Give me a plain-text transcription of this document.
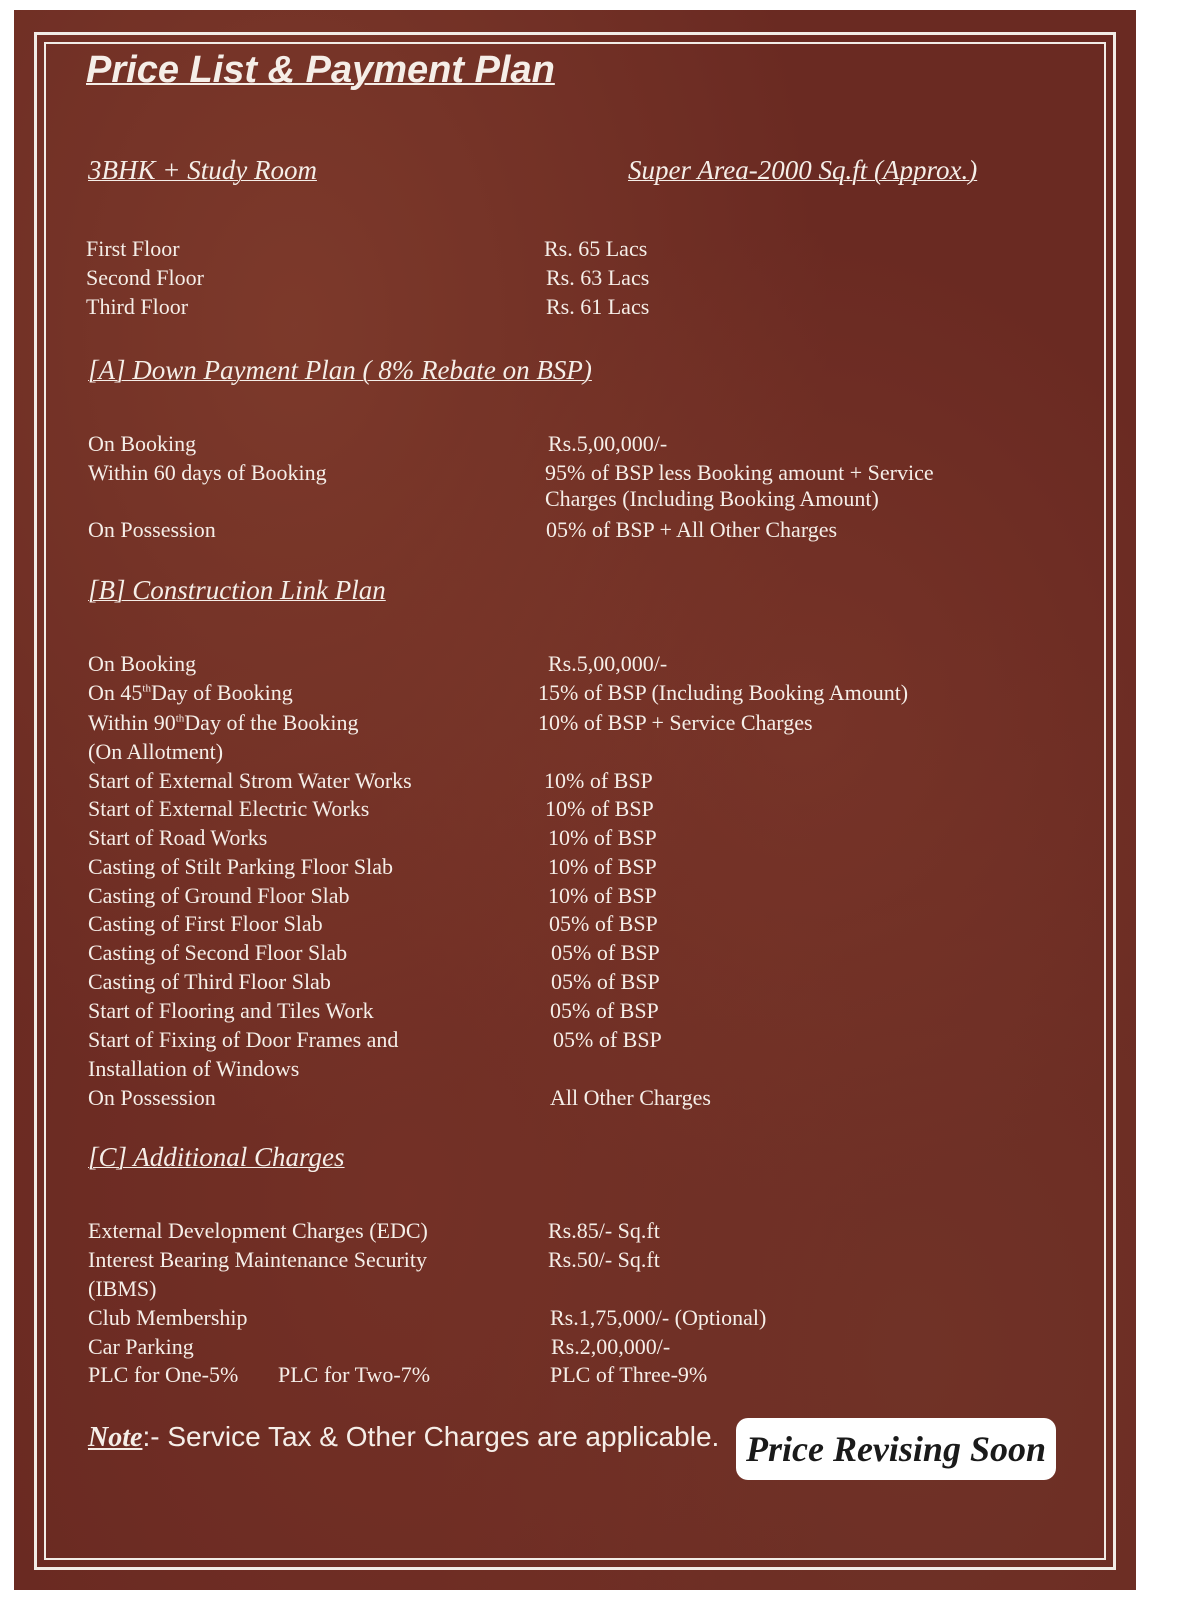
Price List & Payment Plan
3BHK + Study Room	Super Area-2000 Sq.ft (Approx.)
First Floor	Rs. 65 Lacs
Second Floor	Rs. 63 Lacs
Third Floor	Rs. 61 Lacs
[A] Down Payment Plan ( 8% Rebate on BSP)
On Booking	Rs.5,00,000/-
Within 60 days of Booking	95% of BSP less Booking amount + Service Charges (Including Booking Amount)
On Possession	05% of BSP + All Other Charges
[B] Construction Link Plan
On Booking	Rs.5,00,000/-
On 45thDay of Booking	15% of BSP (Including Booking Amount)
Within 90thDay of the Booking	10% of BSP + Service Charges
(On Allotment)
Start of External Strom Water Works	10% of BSP
Start of External Electric Works	10% of BSP
Start of Road Works	10% of BSP
Casting of Stilt Parking Floor Slab	10% of BSP
Casting of Ground Floor Slab	10% of BSP
Casting of First Floor Slab	05% of BSP
Casting of Second Floor Slab	05% of BSP
Casting of Third Floor Slab	05% of BSP
Start of Flooring and Tiles Work	05% of BSP
Start of Fixing of Door Frames and	05% of BSP
Installation of Windows
On Possession	All Other Charges
[C] Additional Charges
External Development Charges (EDC)	Rs.85/- Sq.ft
Interest Bearing Maintenance Security	Rs.50/- Sq.ft
(IBMS)
Club Membership	Rs.1,75,000/- (Optional)
Car Parking	Rs.2,00,000/-
PLC for One-5% PLC for Two-7%	PLC of Three-9%
Note:- Service Tax & Other Charges are applicable. Price Revising Soon
